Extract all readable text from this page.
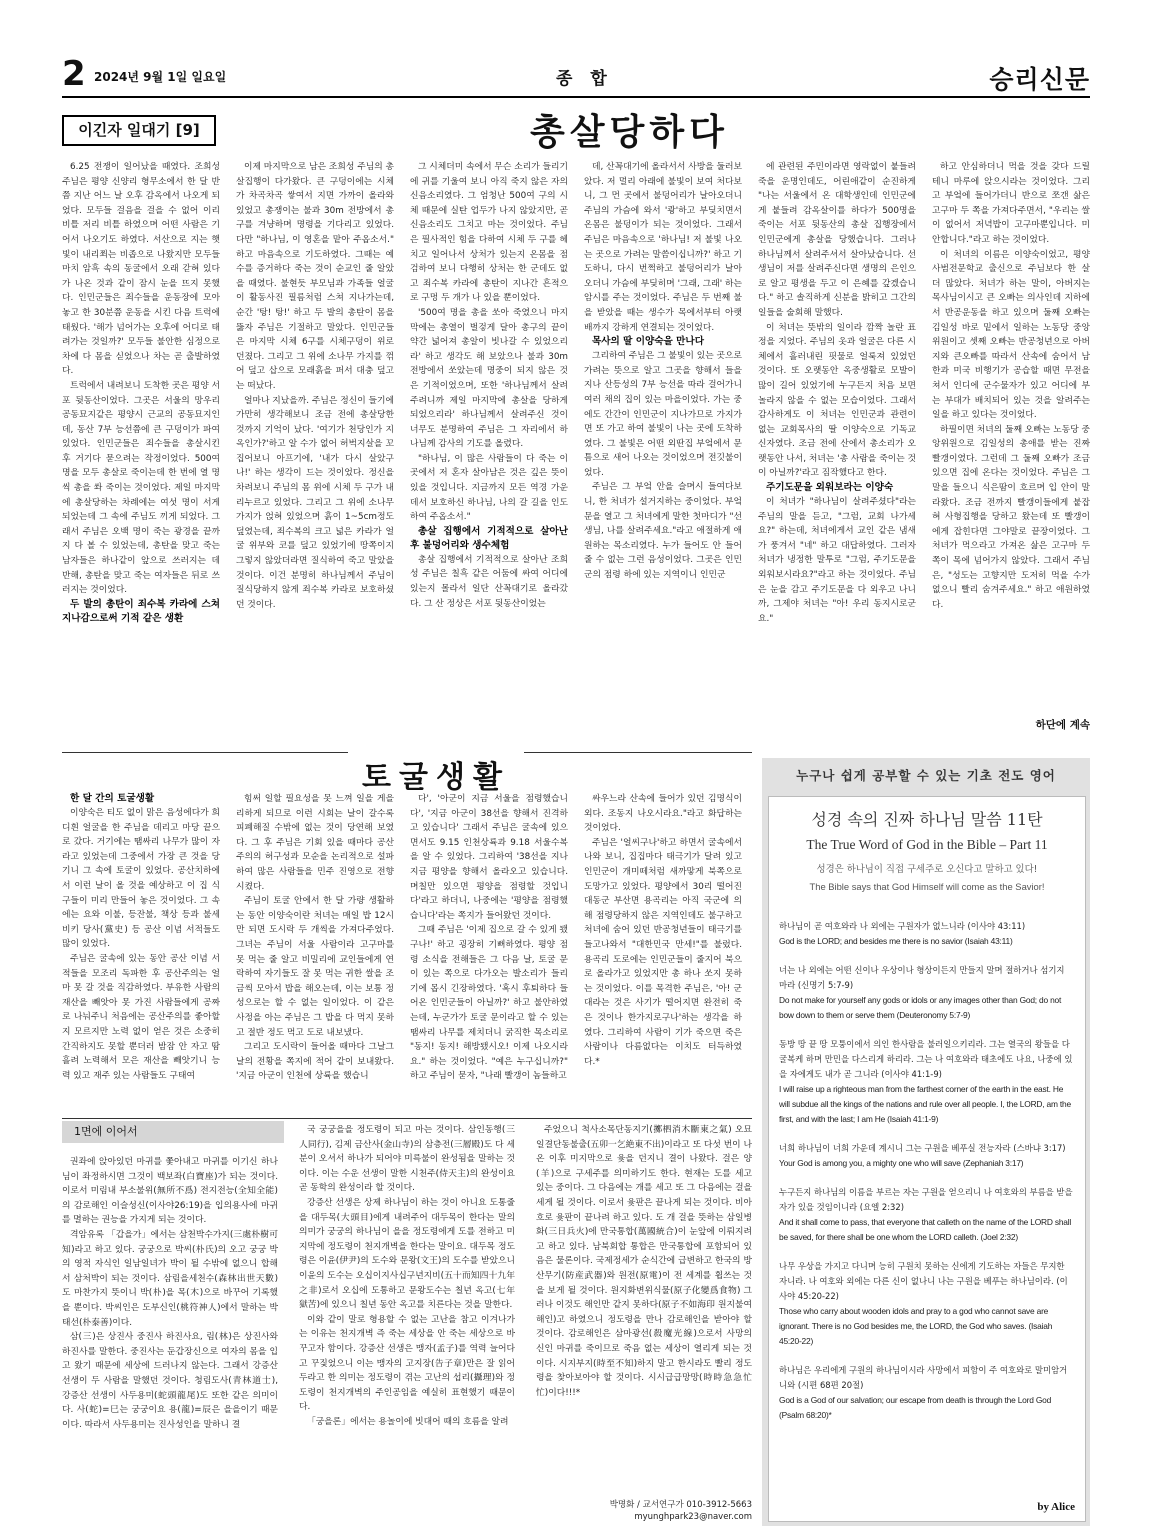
2 2024년 9월 1일 일요일	종 합	승리신문
이긴자 일대기 [9]	총살당하다

6.25 전쟁이 일어났을 때였다. 조희성 주님은 평양 신양리 형무소에서 한 달 반쯤 지난 어느 날 오후 감옥에서 나오게 되었다. 모두들 걸음을 걸을 수 없어 이리 비틀 저리 비틀 하였으며 어떤 사람은 기어서 나오기도 하였다. 서산으로 지는 햇빛이 내리쬐는 비좁으로 나왔지만 모두들 마치 암흑 속의 동굴에서 오래 갇혀 있다가 나온 것과 같이 잠시 눈을 뜨지 못했다. 인민군들은 죄수들을 운동장에 모아놓고 한 30분쯤 운동을 시킨 다음 트럭에 태웠다. '해가 넘어가는 오후에 어디로 태려가는 것일까?' 모두들 불안한 심정으로 차에 다 몸을 싣었으나 차는 곧 출발하였다.

트럭에서 내려보니 도착한 곳은 평양 서포 뒷동산이었다. 그곳은 서울의 망우리 공동묘지같은 평양시 근교의 공동묘지인데, 동산 7부 능선쯤에 큰 구덩이가 파여 있었다. 인민군들은 죄수들을 총살시킨 후 거기다 묻으려는 작정이었다. 500여 명을 모두 총살로 죽이는데 한 번에 열 명씩 총을 쏴 죽이는 것이었다. 제일 마지막에 총살당하는 차례에는 여섯 명이 서게 되었는데 그 속에 주님도 끼게 되었다. 그래서 주님은 오백 명이 죽는 광경을 끝까지 다 볼 수 있었는데, 총탄을 맞고 죽는 남자들은 하나같이 앞으로 쓰러지는 데 반해, 총탄을 맞고 죽는 여자들은 뒤로 쓰러지는 것이었다.

두 발의 총탄이 죄수복 카라에 스쳐 지나감으로써 기적 같은 생환

이제 마지막으로 남은 조희성 주님의 총살집행이 다가왔다. 큰 구덩이에는 시체가 차곡차곡 쌓여서 지면 가까이 올라와 있었고 총쟁이는 불과 30m 전방에서 총구를 겨냥하며 명령을 기다리고 있었다. 다만 "하나님, 이 영혼을 맡아 주옵소서." 하고 마음속으로 기도하였다. 그때는 예수를 증거하다 죽는 것이 순교인 줄 알았을 때였다. 불현듯 부모님과 가족들 얼굴이 활동사진 필름처럼 스쳐 지나가는데, 순간 '탕! 탕!' 하고 두 발의 총탄이 몸을 뚫자 주님은 기절하고 말았다. 인민군들은 마지막 시체 6구를 시체구덩이 위로 던졌다. 그리고 그 위에 소나무 가지를 꺾어 덮고 삽으로 모래흙을 퍼서 대충 덮고는 떠났다.

얼마나 지났을까. 주님은 정신이 들기에 가만히 생각해보니 조금 전에 총살당한 것까지 기억이 났다. '여기가 천당인가 지옥인가?'하고 알 수가 없어 허벅지살을 꼬집어보니 아프기에, '내가 다시 살았구나!' 하는 생각이 드는 것이었다. 정신을 차려보니 주님의 몸 위에 시체 두 구가 내리누르고 있었다. 그리고 그 위에 소나무 가지가 얹혀 있었으며 흙이 1~5cm정도 덮였는데, 죄수복의 크고 넓은 카라가 얼굴 위부와 코를 덮고 있었기에 땅쪽이지 그렇지 않았더라면 질식하여 죽고 말았을 것이다. 이건 분명히 하나님께서 주님이 질식당하지 않게 죄수복 카라로 보호하셨던 것이다.

그 시체더미 속에서 무슨 소리가 들리기에 귀를 기울여 보니 아직 죽지 않은 자의 신음소리였다. 그 엄청난 500여 구의 시체 때문에 실탄 업두가 나지 않았지만, 곧 신음소리도 그치고 마는 것이었다. 주님은 필사적인 힘을 다하여 시체 두 구를 헤치고 일어나서 상처가 있는지 온몸을 점검하여 보니 다행히 상처는 한 군데도 없고 죄수복 카라에 총탄이 지나간 흔적으로 구멍 두 개가 나 있을 뿐이었다.

'500여 명을 총을 쏘아 죽였으니 마지막에는 총열이 벌겋게 달아 총구의 끝이 약간 넓어져 총알이 빗나갈 수 있었으리라' 하고 생각도 해 보았으나 불과 30m 전방에서 쏘았는데 명중이 되지 않은 것은 기적이었으며, 또한 '하나님께서 살려주려니까 제일 마지막에 총살을 당하게 되었으리라' 하나님께서 살려주신 것이 너무도 분명하여 주님은 그 자리에서 하나님께 감사의 기도를 올렸다.

"하나님, 이 많은 사람들이 다 죽는 이곳에서 저 혼자 살아남은 것은 깊은 뜻이 있을 것입니다. 지금까지 모든 역경 가운데서 보호하신 하나님, 나의 갈 길을 인도하여 주옵소서."

총살 집행에서 기적적으로 살아난 후 불덩어리와 생수체험

총살 집행에서 기적적으로 살아난 조희성 주님은 칠흑 같은 어둠에 싸여 어디에 있는지 몰라서 일단 산꼭대기로 올라갔다. 그 산 정상은 서포 뒷동산이었는

데, 산꼭대기에 올라서서 사방을 둘러보았다. 저 멀리 아래에 불빛이 보여 처다보니, 그 먼 곳에서 불덩어리가 날아오더니 주님의 가슴에 와서 '쾅'하고 부딪치면서 온몸은 불덩이가 되는 것이었다. 그래서 주님은 마음속으로 '하나님! 저 불빛 나오는 곳으로 가려는 말씀이십니까?' 하고 기도하니, 다시 번쩍하고 불덩어리가 날아오더니 가슴에 부딪히며 '그래, 그래' 하는 암시를 주는 것이었다. 주님은 두 번째 불을 받았을 때는 생수가 목에서부터 아랫배까지 강하게 연결되는 것이었다.

목사의 딸 이양숙을 만나다

그리하여 주님은 그 불빛이 있는 곳으로 가려는 뜻으로 알고 그곳을 향해서 들을 지나 산등성의 7부 능선을 따라 걸어가니 여러 채의 집이 있는 마을이었다. 가는 중에도 간간이 인민군이 지나가므로 가지가면 또 가고 하여 불빛이 나는 곳에 도착하였다. 그 불빛은 어떤 외딴집 부엌에서 문틈으로 새어 나오는 것이었으며 전깃불이었다.

주님은 그 부엌 안을 슬며시 들여다보니, 한 처녀가 설거지하는 중이었다. 부엌문을 열고 그 처녀에게 말한 첫마디가 "선생님, 나를 살려주세요."라고 애절하게 애원하는 목소리였다. 누가 들어도 안 들어줄 수 없는 그런 음성이었다. 그곳은 인민군의 점령 하에 있는 지역이니 인민군

에 관련된 주민이라면 영락없이 붙들려 죽을 운명인데도, 어린애같이 순진하게 "나는 서울에서 온 대학생인데 인민군에게 붙들려 감옥살이를 하다가 500명을 죽이는 서포 뒷동산의 총살 집행장에서 인민군에게 총살을 당했습니다. 그러나 하나님께서 살려주셔서 살아났습니다. 선생님이 저를 살려주신다면 생명의 은인으로 알고 평생을 두고 이 은혜를 갚겠습니다." 하고 솔직하게 신분을 밝히고 그간의 일들을 술회해 말했다.

이 처녀는 뜻밖의 일이라 깜짝 놀란 표정을 지었다. 주님의 옷과 얼굴은 다른 시체에서 흘러내린 핏물로 얼룩져 있었던 것이다. 또 오랫동안 옥중생활로 모발이 많이 길어 있었기에 누구든지 처음 보면 놀라지 않을 수 없는 모습이었다. 그래서 감사하게도 이 처녀는 인민군과 관련이 없는 교회목사의 딸 이양숙으로 기독교 신자였다. 조금 전에 산에서 총소리가 오랫동안 나서, 처녀는 '총 사람을 죽이는 것이 아닐까?'라고 짐작했다고 한다.

주기도문을 외워보라는 이양숙

이 처녀가 "하나님이 살려주셨다"라는 주님의 말을 듣고, "그럼, 교회 나가세요?" 하는데, 처녀에게서 교인 같은 냄새가 풍겨서 "네" 하고 대답하였다. 그러자 처녀가 냉정한 말투로 "그럼, 주기도문을 외워보시라요?"라고 하는 것이었다. 주님은 눈을 감고 주기도문을 다 외우고 나니까, 그제야 처녀는 "아! 우리 동지시로군요."

하고 안심하더니 먹을 것을 갖다 드릴 테니 마루에 앉으시라는 것이었다. 그리고 부엌에 들어가더니 반으로 쪼갠 삶은 고구마 두 쪽을 가져다주면서, "우리는 쌀이 없어서 저녁밥이 고구마뿐입니다. 미안합니다."라고 하는 것이었다.

이 처녀의 이름은 이양숙이었고, 평양 사범전문학교 출신으로 주님보다 한 살 더 많았다. 처녀가 하는 말이, 아버지는 목사님이시고 큰 오빠는 의사인데 지하에서 반공운동을 하고 있으며 둘째 오빠는 김일성 바로 밑에서 일하는 노동당 중앙위원이고 셋째 오빠는 반공청년으로 아버지와 큰오빠를 따라서 산속에 숨어서 남한과 미국 비행기가 공습할 때면 무전을 쳐서 인디에 군수물자가 있고 어디에 부는 부대가 배치되어 있는 것을 알려주는 일을 하고 있다는 것이었다.

하필이면 처녀의 둘째 오빠는 노동당 중앙위원으로 김일성의 총애를 받는 진짜 빨갱이였다. 그런데 그 둘째 오빠가 조금 있으면 집에 온다는 것이었다. 주님은 그 말을 들으니 식은땀이 흐르며 입 안이 말라왔다. 조금 전까지 빨갱이들에게 붙잡혀 사형집행을 당하고 왔는데 또 빨갱이에게 잡힌다면 그야말로 끝장이었다. 그 처녀가 먹으라고 가져온 삶은 고구마 두 쪽이 목에 넘어가지 않았다. 그래서 주님은, "성도는 고향지만 도저히 먹을 수가 없으니 빨리 숨겨주세요." 하고 애원하였다.

하단에 계속
토굴생활

한 달 간의 토굴생활

이양숙은 티도 없이 맑은 음성에다가 희디흰 얼굴을 한 주님을 데리고 마당 끝으로 갔다. 거기에는 땜싸리 나무가 많이 자라고 있었는데 그중에서 가장 큰 것을 당기니 그 속에 토굴이 있었다. 공산치하에서 이런 날이 올 것을 예상하고 이 집 식구들이 미리 만들어 놓은 것이었다. 그 속에는 요와 이불, 등잔불, 책상 등과 불세비키 당사(黨史) 등 공산 이념 서적들도 많이 있었다.

주님은 굴속에 있는 동안 공산 이념 서적들을 모조리 독파한 후 공산주의는 얼마 못 갈 것을 직감하였다. 부유한 사람의 재산을 빼앗아 못 가진 사람들에게 공짜로 나눠주니 처음에는 공산주의를 좋아할지 모르지만 노력 없이 얻은 것은 소중히 간직하지도 못할 뿐더러 밤잠 안 자고 땀 흘려 노력해서 모은 재산을 빼앗기니 능력 있고 재주 있는 사람들도 구태여

힘써 일할 필요성을 못 느껴 일을 게을리하게 되므로 이런 시회는 날이 갈수록 피폐해질 수밖에 없는 것이 당연해 보였다. 그 후 주님은 기회 있을 때마다 공산주의의 허구성과 모순을 논리적으로 설파하여 많은 사람들을 민주 진영으로 전향시켰다.

주님이 토굴 안에서 한 달 가량 생활하는 동안 이양숙이란 처녀는 매일 밥 12시만 되면 도시락 두 개씩을 가져다주었다. 그녀는 주님이 서울 사람이라 고구마를 못 먹는 줄 알고 비밀리에 교인들에게 연락하여 자기들도 잘 못 먹는 귀한 쌀을 조금씩 모아서 밥을 해오는데, 이는 보통 정성으로는 할 수 없는 일이었다. 이 같은 사정을 아는 주님은 그 밥을 다 먹지 못하고 절반 정도 먹고 도로 내보냈다.

그리고 도시락이 들어올 때마다 그날그날의 전황을 쪽지에 적어 같이 보내왔다. '지금 아군이 인천에 상륙을 했습니

다', '아군이 지금 서울을 점령했습니다', '지금 아군이 38선을 향해서 진격하고 있습니다' 그래서 주님은 굴속에 있으면서도 9.15 인천상륙과 9.18 서울수복을 알 수 있었다. 그리하여 '38선을 지나 지금 평양을 향해서 올라오고 있습니다. 며칠만 있으면 평양을 점령할 것입니다'라고 하더니, 나중에는 '평양을 점령했습니다'라는 쪽지가 들어왔던 것이다.

그때 주님은 '이제 집으로 갈 수 있게 됐구나!' 하고 굉장히 기뻐하였다. 평양 점령 소식을 전해들은 그 다음 날, 토굴 문이 있는 쪽으로 다가오는 발소리가 들리기에 몹시 긴장하였다. '혹시 후퇴하다 들어온 인민군들이 아닐까?' 하고 불안하였는데, 누군가가 토굴 문이라고 할 수 있는 땜싸리 나무를 제치더니 굵직한 목소리로 "동지! 동지! 해방됐시오! 이제 나오시라요." 하는 것이었다. "예은 누구십니까?" 하고 주님이 묻자, "나래 빨갱이 놈들하고

싸우느라 산속에 들어가 있던 김명식이외다. 조동지 나오시라요."라고 화답하는 것이었다.

주님은 '얼씨구나'하고 하면서 굴속에서 나와 보니, 집집마다 태극기가 달려 있고 인민군이 개미떼처럼 새까맣게 북쪽으로 도망가고 있었다. 평양에서 30리 떨어진 대동군 부산면 용곡리는 아직 국군에 의해 점령당하지 않은 지역인데도 불구하고 처녀에 숨어 있던 반공청년들이 태극기를 들고나와서 "대한민국 만세!"를 불렀다. 용곡리 도로에는 인민군들이 줄지어 북으로 올라가고 있었지만 총 하나 쏘지 못하는 것이었다. 이를 목격한 주님은, '아! 군대라는 것은 사기가 떨어지면 완전히 죽은 것이나 한가지로구나'하는 생각을 하였다. 그리하여 사람이 기가 죽으면 죽은 사람이나 다름없다는 이치도 터득하였다.*

1면에 이어서

권좌에 앉아있던 마귀를 쫓아내고 마귀를 이기신 하나님이 좌정하시면 그것이 백보좌(白寶座)가 되는 것이다. 이로서 미림내 부소불위(無所不爲) 전지전능(全知全能)의 감로해인 이슬성신(이사야26:19)을 입의용사에 마귀를 멸하는 권능을 가지게 되는 것이다.

격암유록 「갑을가」에서는 삼천박수가지(三處朴樹可知)라고 하고 있다. 궁궁으로 박씨(朴氏)의 오고 궁궁 박의 영적 자식인 일남일녀가 박이 될 수밖에 없으니 합해서 삼처박이 되는 것이다. 삼림을세천수(森林出世天數)도 마찬가지 뜻이니 박(朴)을 목(木)으로 바꾸어 기록했을 뿐이다. 박씨인은 도부신인(桃符神人)에서 말하는 박태선(朴泰善)이다.

삼(三)은 상진사 중진사 하진사요, 림(林)은 상진사와 하진사를 말한다. 중진사는 둔갑장신으로 여자의 몸을 입고 왔기 때문에 세상에 드러나지 않는다. 그래서 강증산 선생이 두 사람을 말했던 것이다. 청림도사(青林道士), 강증산 선생이 사두용미(蛇頭龍尾)도 또한 같은 의미이다. 사(蛇)=巳는 궁궁이요 용(龍)=辰은 을을이기 때문이다. 따라서 사두용미는 진사성인을 말하니 결

국 궁궁을을 정도령이 되고 마는 것이다. 삼인동행(三人同行), 김제 금산사(金山寺)의 삼층전(三層殿)도 다 세 분이 오셔서 하나가 되어야 미륵불이 완성됨을 말하는 것이다. 이는 수운 선생이 말한 시천주(侍天主)의 완성이요 곧 동학의 완성이라 할 것이다.

강증산 선생은 상제 하나님이 하는 것이 아니요 도통줄을 대두목(大頭目)에게 내려주어 대두목이 한다는 말의 의미가 궁궁의 하나님이 을을 정도령에게 도를 전하고 미지막에 정도령이 천지개벽을 한다는 말이요. 대두목 정도령은 이윤(伊尹)의 도수와 문왕(文王)의 도수를 받았으니 이윤의 도수는 오십이지사십구년지비(五十而知四十九年之非)로서 오십에 도통하고 문왕도수는 칠년 옥고(七年獄苦)에 있으니 칠년 동안 옥고를 치른다는 것을 말한다.

이와 같이 말로 형용할 수 없는 고난을 참고 이겨나가는 이유는 천지개벽 즉 죽는 세상을 안 죽는 세상으로 바꾸고자 함이다. 강증산 선생은 맹자(孟子)를 역력 늘어다고 꾸짖었으니 이는 맹자의 고지장(告子章)만은 잘 읽어두라고 한 의미는 정도령이 겪는 고난의 섭리(攝理)와 정도령이 천지개벽의 주인공임을 예실히 표현했기 때문이다.

「궁을론」에서는 용놀이에 빗대어 때의 흐름을 알려

주었으니 척사소목단동지기(擲柶消木斷東之氣) 오묘일결단동불출(五卯一乞絶東不出)이라고 또 다섯 번이 나온 이후 미지막으로 윷을 던지니 결이 나왔다. 걸은 양(羊)으로 구세주를 의미하기도 한다. 현재는 도를 세고 있는 중이다. 그 다음에는 개를 세고 또 그 다음에는 걸을 세게 될 것이다. 이로서 윷판은 끝나게 되는 것이다. 비아흐로 윷판이 끝나려 하고 있다. 도 개 걸을 뜻하는 삼일병화(三日兵火)에 만국통합(萬國統合)이 눈앞에 이뤄지려고 하고 있다. 남북회합 통합은 만국통합에 포함되어 있음은 물론이다. 국제정세가 순식간에 급변하고 한국의 방산무기(防産武器)와 원전(原電)이 전 세계를 휩쓰는 것을 보게 될 것이다. 원지화변위식물(原子化變爲食物) 그러나 이것도 해인만 같지 못하다(原子不如海印 원지불여해인)고 하였으니 정도령을 만나 감로해인을 받아야 할 것이다. 감로해인은 삼마광선(殺魔光線)으로서 사망의 신인 마귀를 죽이므로 죽음 없는 세상이 열리게 되는 것이다. 시지부지(時至不知)하지 말고 한시라도 빨리 정도령을 찾아보아야 할 것이다. 시시급급망망(時時急急忙忙)이다!!!*

박명화 / 교서연구가 010-3912-5663
myunghpark23@naver.com
누구나 쉽게 공부할 수 있는 기초 전도 영어
성경 속의 진짜 하나님 말씀 11탄
The True Word of God in the Bible – Part 11
성경은 하나님이 직접 구세주로 오신다고 말하고 있다!
The Bible says that God Himself will come as the Savior!
하나님이 곧 여호와라 나 외에는 구원자가 없느니라 (이사야 43:11)
God is the LORD; and besides me there is no savior (Isaiah 43:11)
너는 나 외에는 어떤 신이나 우상이나 형상이든지 만들지 말며 절하거나 섬기지 마라 (신명기 5:7-9)
Do not make for yourself any gods or idols or any images other than God; do not bow down to them or serve them (Deuteronomy 5:7-9)
동방 땅 끝 땅 모퉁이에서 의인 한사람을 불러일으키리라. 그는 열국의 왕들을 다 굴복케 하며 만민을 다스리게 하리라. 그는 나 여호와라 태초에도 나요, 나중에 있을 자에게도 내가 곧 그니라 (이사야 41:1-9)
I will raise up a righteous man from the farthest corner of the earth in the east. He will subdue all the kings of the nations and rule over all people. I, the LORD, am the first, and with the last; I am He (Isaiah 41:1-9)
너희 하나님이 너희 가운데 계시니 그는 구원을 베푸실 전능자라 (스바냐 3:17)
Your God is among you, a mighty one who will save (Zephaniah 3:17)
누구든지 하나님의 이름을 부르는 자는 구원을 얻으리니 나 여호와의 부름을 받을 자가 있을 것임이니라 (요엘 2:32)
And it shall come to pass, that everyone that calleth on the name of the LORD shall be saved, for there shall be one whom the LORD calleth. (Joel 2:32)
나무 우상을 가지고 다니며 능히 구원치 못하는 신에게 기도하는 자들은 무지한 자니라. 나 여호와 외에는 다른 신이 없나니 나는 구원을 베푸는 하나님이라. (이사야 45:20-22)
Those who carry about wooden idols and pray to a god who cannot save are ignorant. There is no God besides me, the LORD, the God who saves. (Isaiah 45:20-22)
하나님은 우리에게 구원의 하나님이시라 사망에서 피함이 주 여호와로 말미암거니와 (시편 68편 20절)
God is a God of our salvation; our escape from death is through the Lord God (Psalm 68:20)*
by Alice
